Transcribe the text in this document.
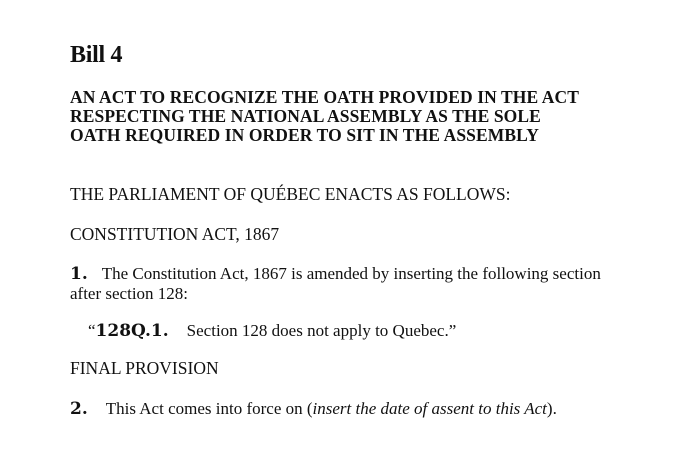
Bill 4
AN ACT TO RECOGNIZE THE OATH PROVIDED IN THE ACT
RESPECTING THE NATIONAL ASSEMBLY AS THE SOLE
OATH REQUIRED IN ORDER TO SIT IN THE ASSEMBLY
THE PARLIAMENT OF QUÉBEC ENACTS AS FOLLOWS:
CONSTITUTION ACT, 1867
1. The Constitution Act, 1867 is amended by inserting the following section
after section 128:
“128Q.1. Section 128 does not apply to Quebec.”
FINAL PROVISION
2. This Act comes into force on (insert the date of assent to this Act).
